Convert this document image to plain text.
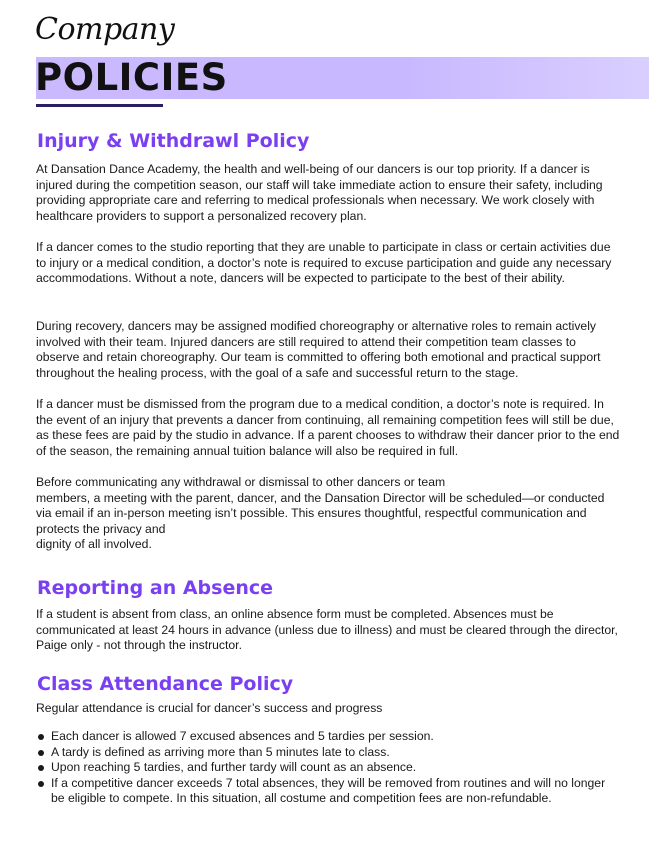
Company
POLICIES
Injury & Withdrawl Policy

At Dansation Dance Academy, the health and well-being of our dancers is our top priority. If a dancer is injured during the competition season, our staff will take immediate action to ensure their safety, including providing appropriate care and referring to medical professionals when necessary. We work closely with healthcare providers to support a personalized recovery plan.

If a dancer comes to the studio reporting that they are unable to participate in class or certain activities due to injury or a medical condition, a doctor’s note is required to excuse participation and guide any necessary accommodations. Without a note, dancers will be expected to participate to the best of their ability.

During recovery, dancers may be assigned modified choreography or alternative roles to remain actively involved with their team. Injured dancers are still required to attend their competition team classes to observe and retain choreography. Our team is committed to offering both emotional and practical support throughout the healing process, with the goal of a safe and successful return to the stage.

If a dancer must be dismissed from the program due to a medical condition, a doctor’s note is required. In the event of an injury that prevents a dancer from continuing, all remaining competition fees will still be due, as these fees are paid by the studio in advance. If a parent chooses to withdraw their dancer prior to the end of the season, the remaining annual tuition balance will also be required in full.

Before communicating any withdrawal or dismissal to other dancers or team
members, a meeting with the parent, dancer, and the Dansation Director will be scheduled—or conducted via email if an in-person meeting isn’t possible. This ensures thoughtful, respectful communication and protects the privacy and
dignity of all involved.
Reporting an Absence

If a student is absent from class, an online absence form must be completed. Absences must be communicated at least 24 hours in advance (unless due to illness) and must be cleared through the director, Paige only - not through the instructor.

Class Attendance Policy

Regular attendance is crucial for dancer’s success and progress

Each dancer is allowed 7 excused absences and 5 tardies per session.
A tardy is defined as arriving more than 5 minutes late to class.
Upon reaching 5 tardies, and further tardy will count as an absence.
If a competitive dancer exceeds 7 total absences, they will be removed from routines and will no longer be eligible to compete. In this situation, all costume and competition fees are non-refundable.
